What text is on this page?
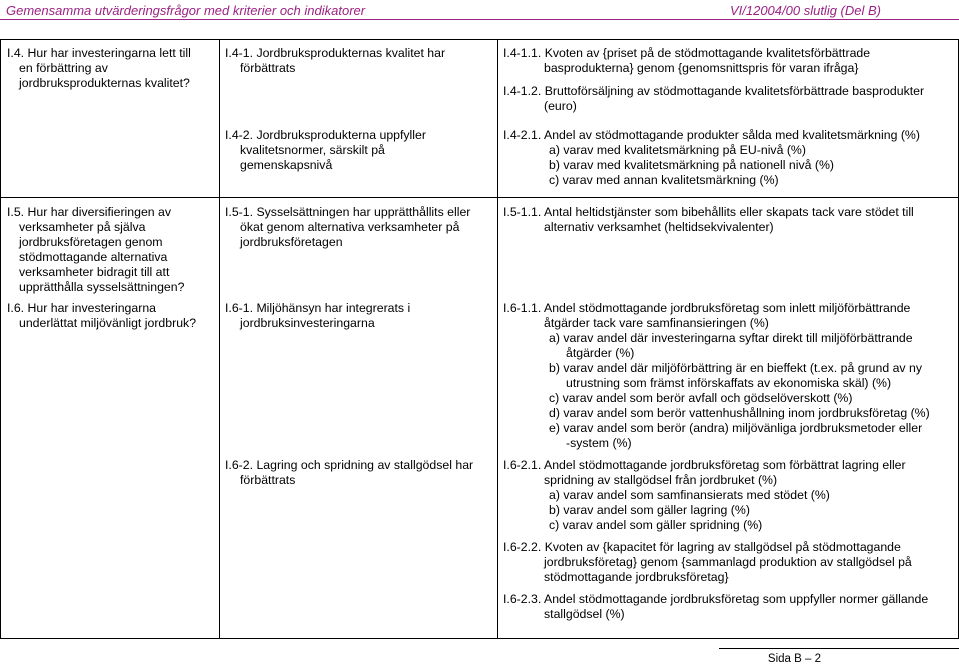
Gemensamma utvärderingsfrågor med kriterier och indikatorer	VI/12004/00 slutlig (Del B)
I.4. Hur har investeringarna lett till
en förbättring av
jordbruksprodukternas kvalitet?
I.4-1. Jordbruksprodukternas kvalitet har
förbättrats
I.4-1.1. Kvoten av {priset på de stödmottagande kvalitetsförbättrade
basprodukterna} genom {genomsnittspris för varan ifråga}
I.4-1.2. Bruttoförsäljning av stödmottagande kvalitetsförbättrade basprodukter
(euro)
I.4-2. Jordbruksprodukterna uppfyller
kvalitetsnormer, särskilt på
gemenskapsnivå
I.4-2.1. Andel av stödmottagande produkter sålda med kvalitetsmärkning (%)
a) varav med kvalitetsmärkning på EU-nivå (%)
b) varav med kvalitetsmärkning på nationell nivå (%)
c) varav med annan kvalitetsmärkning (%)
I.5. Hur har diversifieringen av
verksamheter på själva
jordbruksföretagen genom
stödmottagande alternativa
verksamheter bidragit till att
upprätthålla sysselsättningen?
I.5-1. Sysselsättningen har upprätthållits eller
ökat genom alternativa verksamheter på
jordbruksföretagen
I.5-1.1. Antal heltidstjänster som bibehållits eller skapats tack vare stödet till
alternativ verksamhet (heltidsekvivalenter)
I.6. Hur har investeringarna
underlättat miljövänligt jordbruk?
I.6-1. Miljöhänsyn har integrerats i
jordbruksinvesteringarna
I.6-1.1. Andel stödmottagande jordbruksföretag som inlett miljöförbättrande
åtgärder tack vare samfinansieringen (%)
a) varav andel där investeringarna syftar direkt till miljöförbättrande
åtgärder (%)
b) varav andel där miljöförbättring är en bieffekt (t.ex. på grund av ny
utrustning som främst införskaffats av ekonomiska skäl) (%)
c) varav andel som berör avfall och gödselöverskott (%)
d) varav andel som berör vattenhushållning inom jordbruksföretag (%)
e) varav andel som berör (andra) miljövänliga jordbruksmetoder eller
-system (%)
I.6-2. Lagring och spridning av stallgödsel har
förbättrats
I.6-2.1. Andel stödmottagande jordbruksföretag som förbättrat lagring eller
spridning av stallgödsel från jordbruket (%)
a) varav andel som samfinansierats med stödet (%)
b) varav andel som gäller lagring (%)
c) varav andel som gäller spridning (%)
I.6-2.2. Kvoten av {kapacitet för lagring av stallgödsel på stödmottagande
jordbruksföretag} genom {sammanlagd produktion av stallgödsel på
stödmottagande jordbruksföretag}
I.6-2.3. Andel stödmottagande jordbruksföretag som uppfyller normer gällande
stallgödsel (%)
Sida B – 2
